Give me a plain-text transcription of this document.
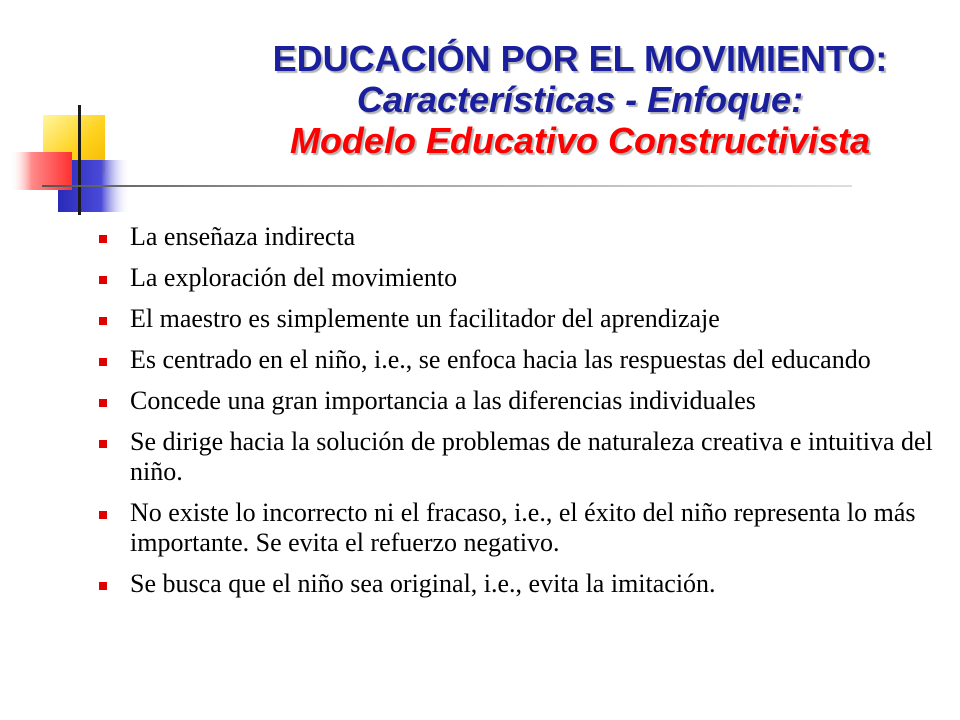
EDUCACIÓN POR EL MOVIMIENTO:
Características - Enfoque:
Modelo Educativo Constructivista
La enseñaza indirecta
La exploración del movimiento
El maestro es simplemente un facilitador del aprendizaje
Es centrado en el niño, i.e., se enfoca hacia las respuestas del educando
Concede una gran importancia a las diferencias individuales
Se dirige hacia la solución de problemas de naturaleza creativa e intuitiva del niño.
No existe lo incorrecto ni el fracaso, i.e., el éxito del niño representa lo más importante. Se evita el refuerzo negativo.
Se busca que el niño sea original, i.e., evita la imitación.
